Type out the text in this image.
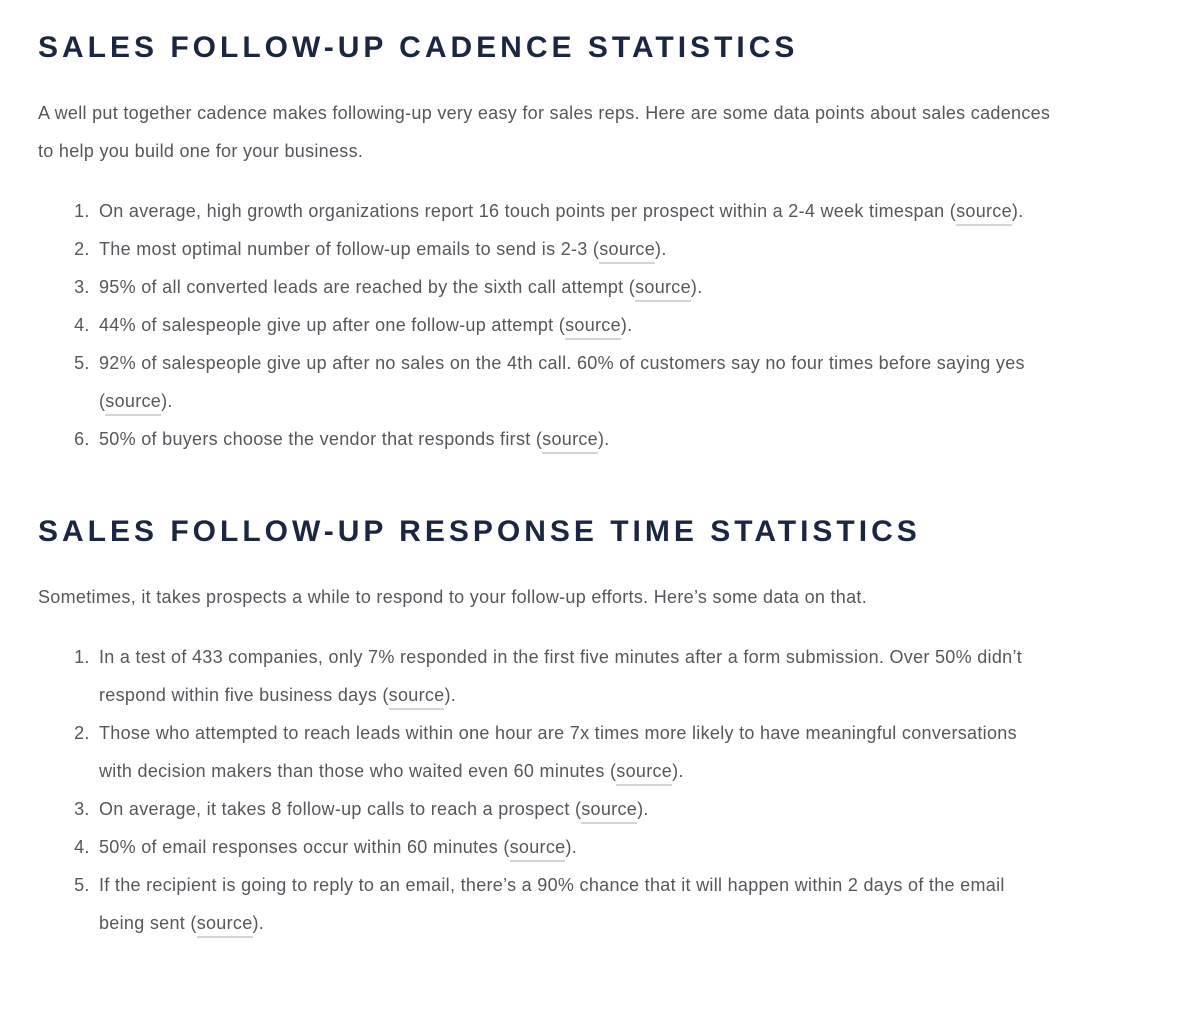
SALES FOLLOW-UP CADENCE STATISTICS

A well put together cadence makes following-up very easy for sales reps. Here are some data points about sales cadences to help you build one for your business.

1. On average, high growth organizations report 16 touch points per prospect within a 2-4 week timespan (source).
2. The most optimal number of follow-up emails to send is 2-3 (source).
3. 95% of all converted leads are reached by the sixth call attempt (source).
4. 44% of salespeople give up after one follow-up attempt (source).
5. 92% of salespeople give up after no sales on the 4th call. 60% of customers say no four times before saying yes (source).
6. 50% of buyers choose the vendor that responds first (source).
SALES FOLLOW-UP RESPONSE TIME STATISTICS

Sometimes, it takes prospects a while to respond to your follow-up efforts. Here’s some data on that.

1. In a test of 433 companies, only 7% responded in the first five minutes after a form submission. Over 50% didn’t respond within five business days (source).
2. Those who attempted to reach leads within one hour are 7x times more likely to have meaningful conversations with decision makers than those who waited even 60 minutes (source).
3. On average, it takes 8 follow-up calls to reach a prospect (source).
4. 50% of email responses occur within 60 minutes (source).
5. If the recipient is going to reply to an email, there’s a 90% chance that it will happen within 2 days of the email being sent (source).
